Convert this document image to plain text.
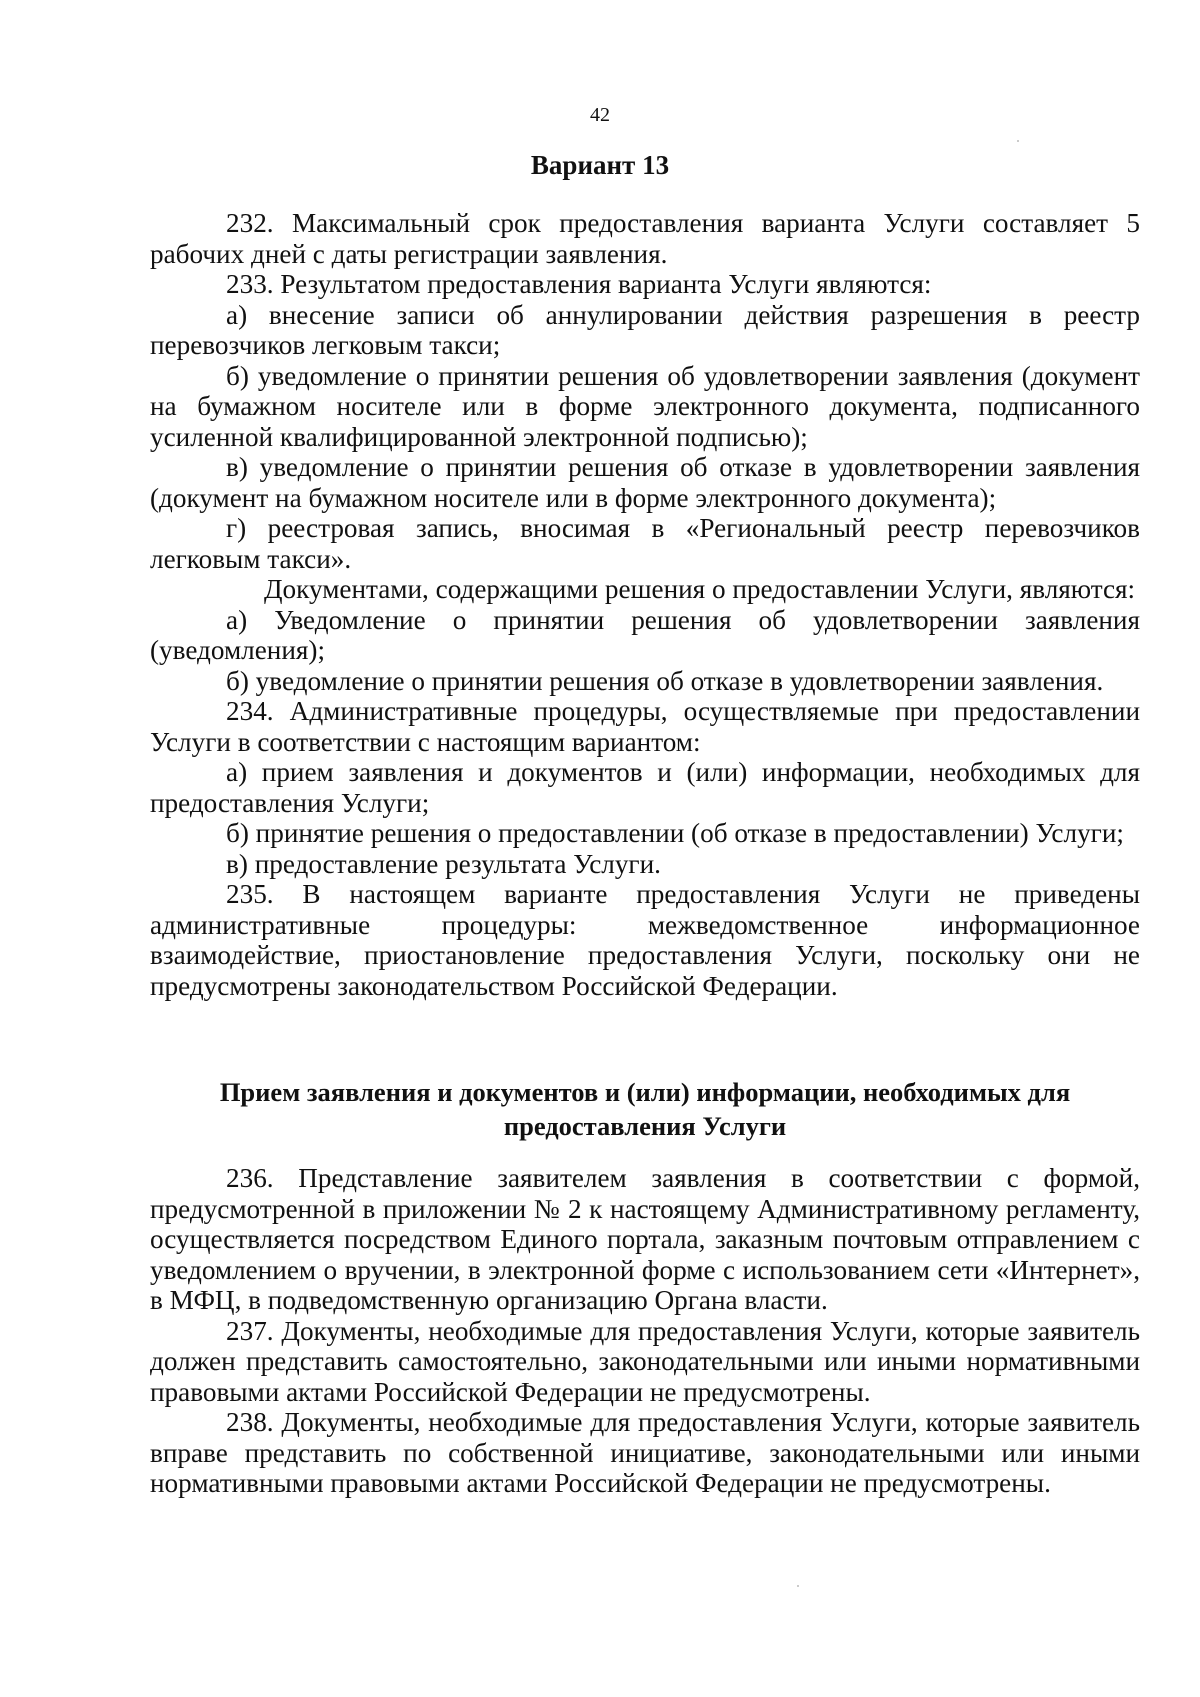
42
Вариант 13

232. Максимальный срок предоставления варианта Услуги составляет 5 рабочих дней с даты регистрации заявления.

233. Результатом предоставления варианта Услуги являются:

а) внесение записи об аннулировании действия разрешения в реестр перевозчиков легковым такси;

б) уведомление о принятии решения об удовлетворении заявления (документ на бумажном носителе или в форме электронного документа, подписанного усиленной квалифицированной электронной подписью);

в) уведомление о принятии решения об отказе в удовлетворении заявления (документ на бумажном носителе или в форме электронного документа);

г) реестровая запись, вносимая в «Региональный реестр перевозчиков легковым такси».

Документами, содержащими решения о предоставлении Услуги, являются:

а) Уведомление о принятии решения об удовлетворении заявления (уведомления);

б) уведомление о принятии решения об отказе в удовлетворении заявления.

234. Административные процедуры, осуществляемые при предоставлении Услуги в соответствии с настоящим вариантом:

а) прием заявления и документов и (или) информации, необходимых для предоставления Услуги;

б) принятие решения о предоставлении (об отказе в предоставлении) Услуги;

в) предоставление результата Услуги.

235. В настоящем варианте предоставления Услуги не приведены административные процедуры: межведомственное информационное взаимодействие, приостановление предоставления Услуги, поскольку они не предусмотрены законодательством Российской Федерации.

Прием заявления и документов и (или) информации, необходимых для предоставления Услуги

236. Представление заявителем заявления в соответствии с формой, предусмотренной в приложении № 2 к настоящему Административному регламенту, осуществляется посредством Единого портала, заказным почтовым отправлением с уведомлением о вручении, в электронной форме с использованием сети «Интернет», в МФЦ, в подведомственную организацию Органа власти.

237. Документы, необходимые для предоставления Услуги, которые заявитель должен представить самостоятельно, законодательными или иными нормативными правовыми актами Российской Федерации не предусмотрены.

238. Документы, необходимые для предоставления Услуги, которые заявитель вправе представить по собственной инициативе, законодательными или иными нормативными правовыми актами Российской Федерации не предусмотрены.
